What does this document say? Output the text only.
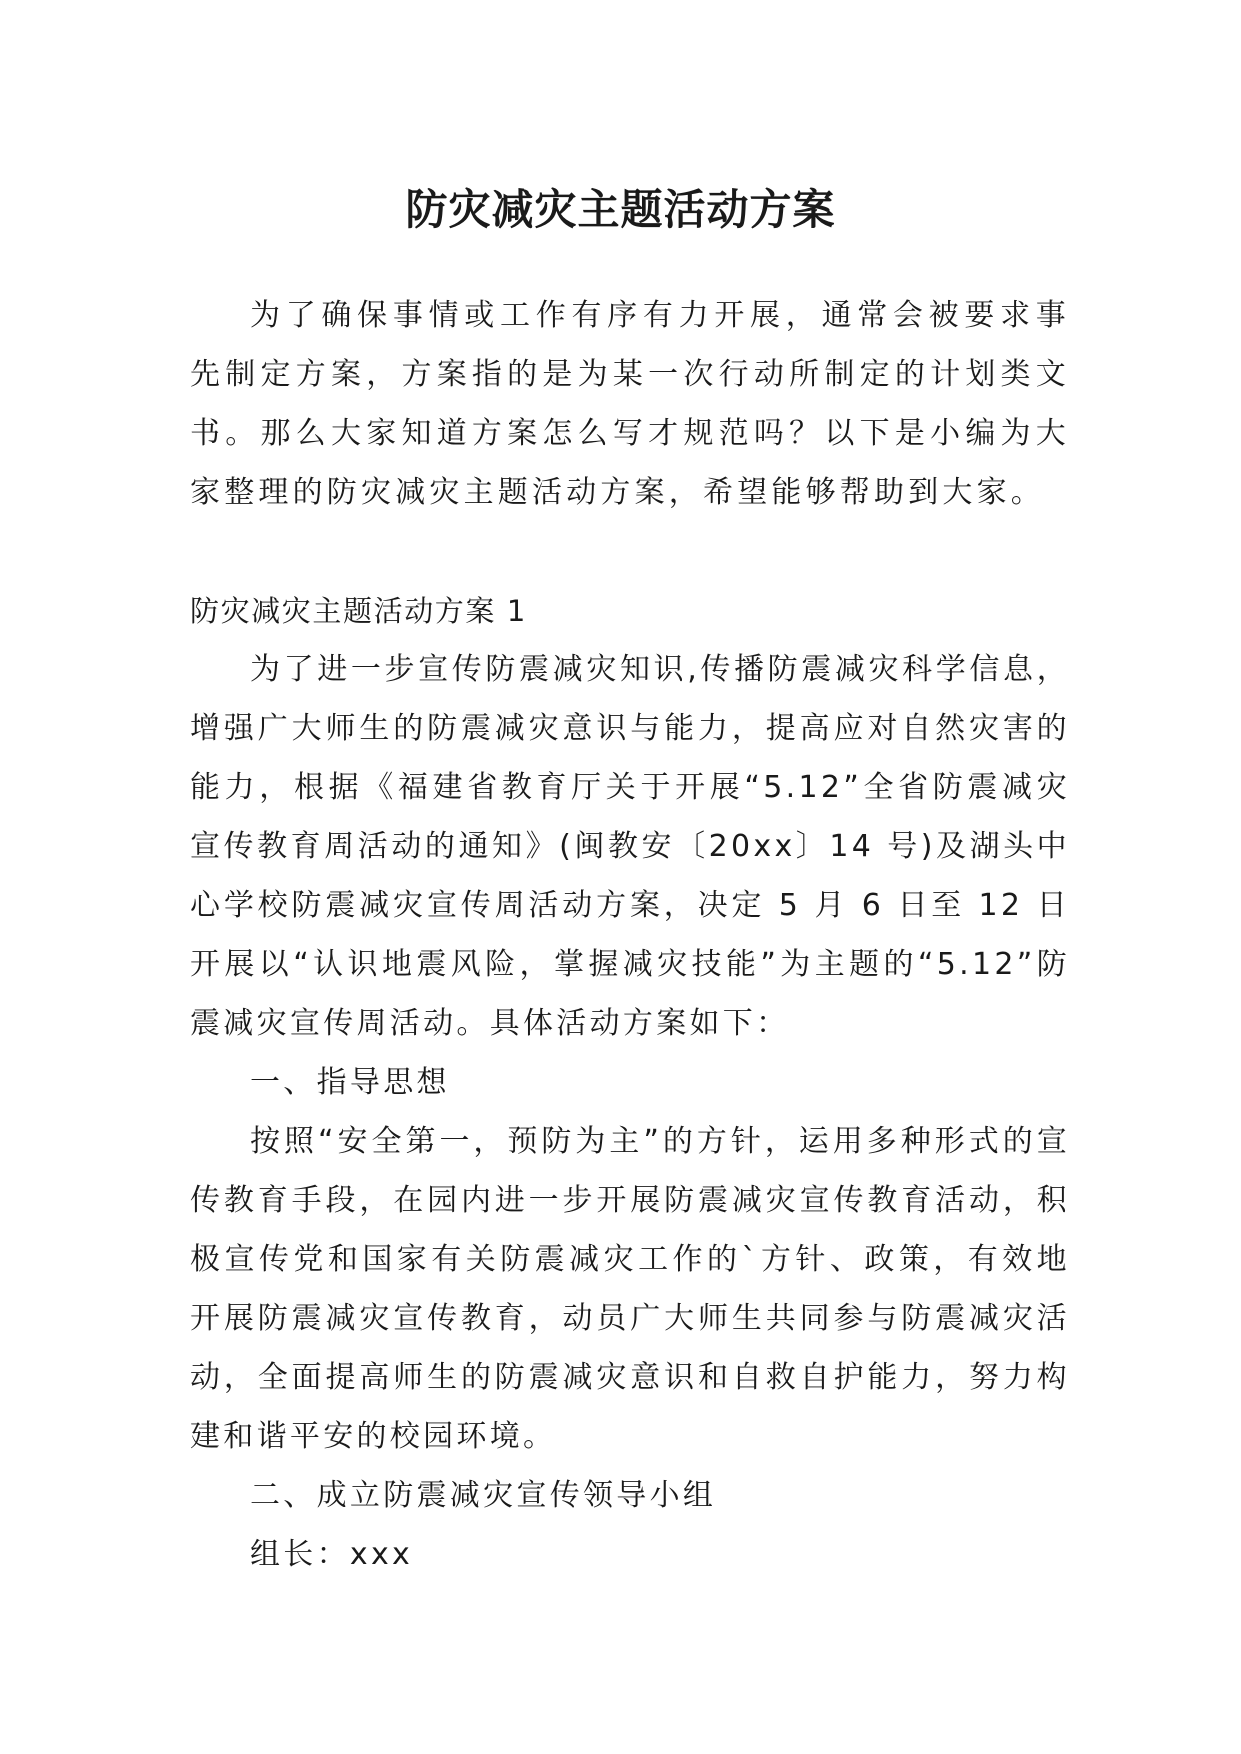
防灾减灾主题活动方案

为了确保事情或工作有序有力开展，通常会被要求事先制定方案，方案指的是为某一次行动所制定的计划类文书。那么大家知道方案怎么写才规范吗？以下是小编为大家整理的防灾减灾主题活动方案，希望能够帮助到大家。

防灾减灾主题活动方案 1

为了进一步宣传防震减灾知识,传播防震减灾科学信息，增强广大师生的防震减灾意识与能力，提高应对自然灾害的能力，根据《福建省教育厅关于开展“5.12”全省防震减灾宣传教育周活动的通知》(闽教安〔20xx〕14 号)及湖头中心学校防震减灾宣传周活动方案，决定 5 月 6 日至 12 日开展以“认识地震风险，掌握减灾技能”为主题的“5.12”防震减灾宣传周活动。具体活动方案如下：

一、指导思想

按照“安全第一，预防为主”的方针，运用多种形式的宣传教育手段，在园内进一步开展防震减灾宣传教育活动，积极宣传党和国家有关防震减灾工作的`方针、政策，有效地开展防震减灾宣传教育，动员广大师生共同参与防震减灾活动，全面提高师生的防震减灾意识和自救自护能力，努力构建和谐平安的校园环境。

二、成立防震减灾宣传领导小组

组长：xxx
